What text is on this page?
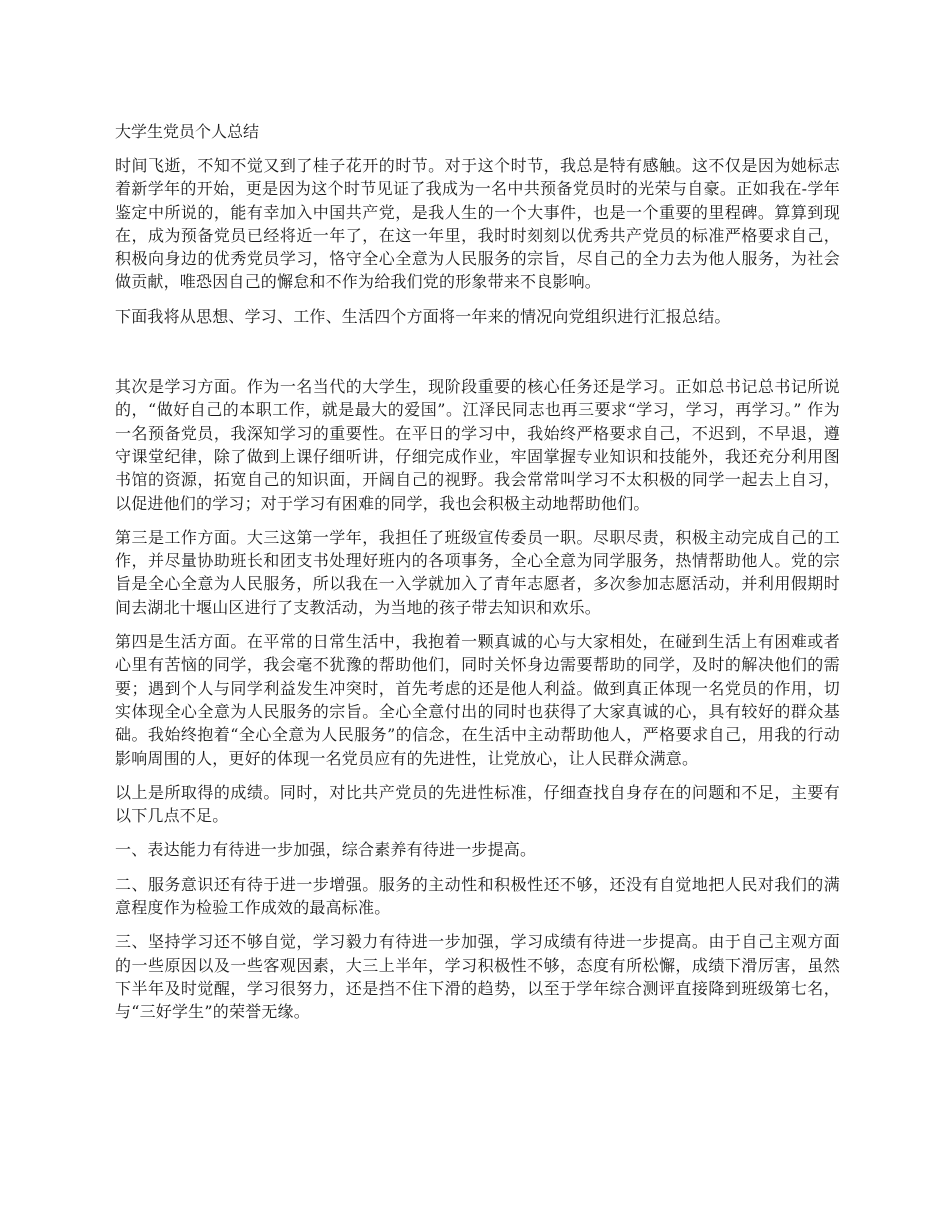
大学生党员个人总结

时间飞逝，不知不觉又到了桂子花开的时节。对于这个时节，我总是特有感触。这不仅是因为她标志着新学年的开始，更是因为这个时节见证了我成为一名中共预备党员时的光荣与自豪。正如我在-学年鉴定中所说的，能有幸加入中国共产党，是我人生的一个大事件，也是一个重要的里程碑。算算到现在，成为预备党员已经将近一年了，在这一年里，我时时刻刻以优秀共产党员的标准严格要求自己，积极向身边的优秀党员学习，恪守全心全意为人民服务的宗旨，尽自己的全力去为他人服务，为社会做贡献，唯恐因自己的懈怠和不作为给我们党的形象带来不良影响。

下面我将从思想、学习、工作、生活四个方面将一年来的情况向党组织进行汇报总结。

其次是学习方面。作为一名当代的大学生，现阶段重要的核心任务还是学习。正如总书记总书记所说的，“做好自己的本职工作，就是最大的爱国”。江泽民同志也再三要求“学习，学习，再学习。” 作为一名预备党员，我深知学习的重要性。在平日的学习中，我始终严格要求自己，不迟到，不早退，遵守课堂纪律，除了做到上课仔细听讲，仔细完成作业，牢固掌握专业知识和技能外，我还充分利用图书馆的资源，拓宽自己的知识面，开阔自己的视野。我会常常叫学习不太积极的同学一起去上自习，以促进他们的学习；对于学习有困难的同学，我也会积极主动地帮助他们。

第三是工作方面。大三这第一学年，我担任了班级宣传委员一职。尽职尽责，积极主动完成自己的工作，并尽量协助班长和团支书处理好班内的各项事务，全心全意为同学服务，热情帮助他人。党的宗旨是全心全意为人民服务，所以我在一入学就加入了青年志愿者，多次参加志愿活动，并利用假期时间去湖北十堰山区进行了支教活动，为当地的孩子带去知识和欢乐。

第四是生活方面。在平常的日常生活中，我抱着一颗真诚的心与大家相处，在碰到生活上有困难或者心里有苦恼的同学，我会毫不犹豫的帮助他们，同时关怀身边需要帮助的同学，及时的解决他们的需要；遇到个人与同学利益发生冲突时，首先考虑的还是他人利益。做到真正体现一名党员的作用，切实体现全心全意为人民服务的宗旨。全心全意付出的同时也获得了大家真诚的心，具有较好的群众基础。我始终抱着“全心全意为人民服务”的信念，在生活中主动帮助他人，严格要求自己，用我的行动影响周围的人，更好的体现一名党员应有的先进性，让党放心，让人民群众满意。

以上是所取得的成绩。同时，对比共产党员的先进性标准，仔细查找自身存在的问题和不足，主要有以下几点不足。

一、表达能力有待进一步加强，综合素养有待进一步提高。

二、服务意识还有待于进一步增强。服务的主动性和积极性还不够，还没有自觉地把人民对我们的满意程度作为检验工作成效的最高标准。

三、坚持学习还不够自觉，学习毅力有待进一步加强，学习成绩有待进一步提高。由于自己主观方面的一些原因以及一些客观因素，大三上半年，学习积极性不够，态度有所松懈，成绩下滑厉害，虽然下半年及时觉醒，学习很努力，还是挡不住下滑的趋势，以至于学年综合测评直接降到班级第七名，与“三好学生”的荣誉无缘。
